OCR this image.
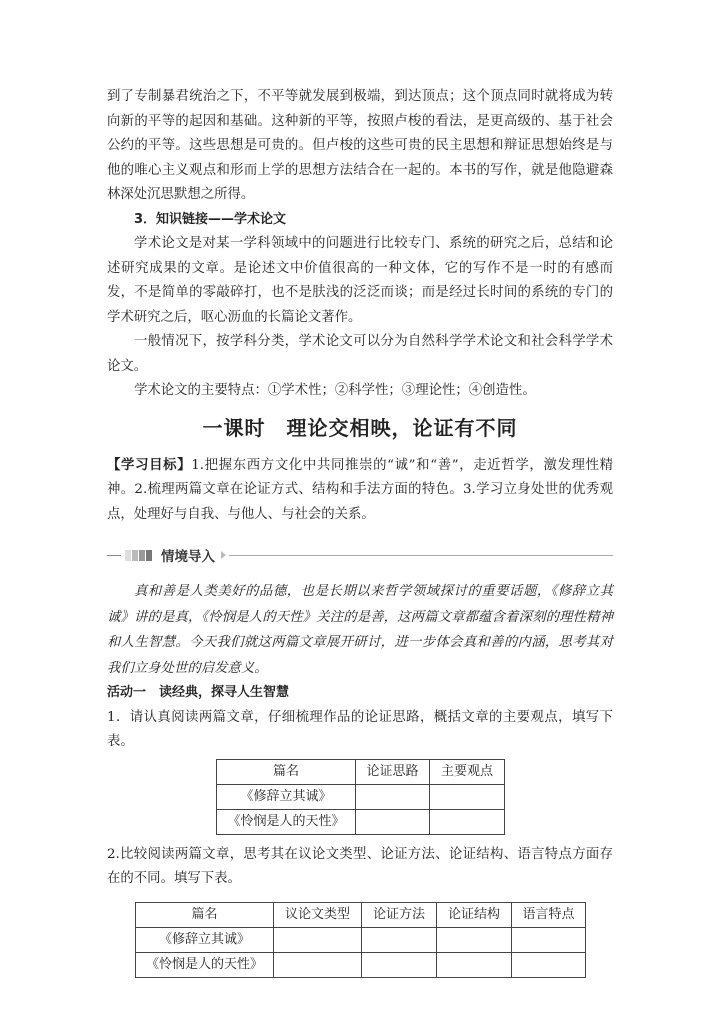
到了专制暴君统治之下，不平等就发展到极端，到达顶点；这个顶点同时就将成为转向新的平等的起因和基础。这种新的平等，按照卢梭的看法，是更高级的、基于社会公约的平等。这些思想是可贵的。但卢梭的这些可贵的民主思想和辩证思想始终是与他的唯心主义观点和形而上学的思想方法结合在一起的。本书的写作，就是他隐避森林深处沉思默想之所得。

3．知识链接——学术论文

学术论文是对某一学科领域中的问题进行比较专门、系统的研究之后，总结和论述研究成果的文章。是论述文中价值很高的一种文体，它的写作不是一时的有感而发，不是简单的零敲碎打，也不是肤浅的泛泛而谈；而是经过长时间的系统的专门的学术研究之后，呕心沥血的长篇论文著作。

一般情况下，按学科分类，学术论文可以分为自然科学学术论文和社会科学学术论文。

学术论文的主要特点：①学术性；②科学性；③理论性；④创造性。

一课时　理论交相映，论证有不同

【学习目标】1.把握东西方文化中共同推崇的“诚”和“善”，走近哲学，激发理性精神。2.梳理两篇文章在论证方式、结构和手法方面的特色。3.学习立身处世的优秀观点，处理好与自我、与他人、与社会的关系。

情境导入

真和善是人类美好的品德，也是长期以来哲学领域探讨的重要话题，《修辞立其诚》讲的是真，《怜悯是人的天性》关注的是善，这两篇文章都蕴含着深刻的理性精神和人生智慧。今天我们就这两篇文章展开研讨，进一步体会真和善的内涵，思考其对我们立身处世的启发意义。

活动一　读经典，探寻人生智慧

1．请认真阅读两篇文章，仔细梳理作品的论证思路，概括文章的主要观点，填写下表。

篇名	论证思路	主要观点
《修辞立其诚》		
《怜悯是人的天性》		

2.比较阅读两篇文章，思考其在议论文类型、论证方法、论证结构、语言特点方面存在的不同。填写下表。

篇名	议论文类型	论证方法	论证结构	语言特点
《修辞立其诚》				
《怜悯是人的天性》				
